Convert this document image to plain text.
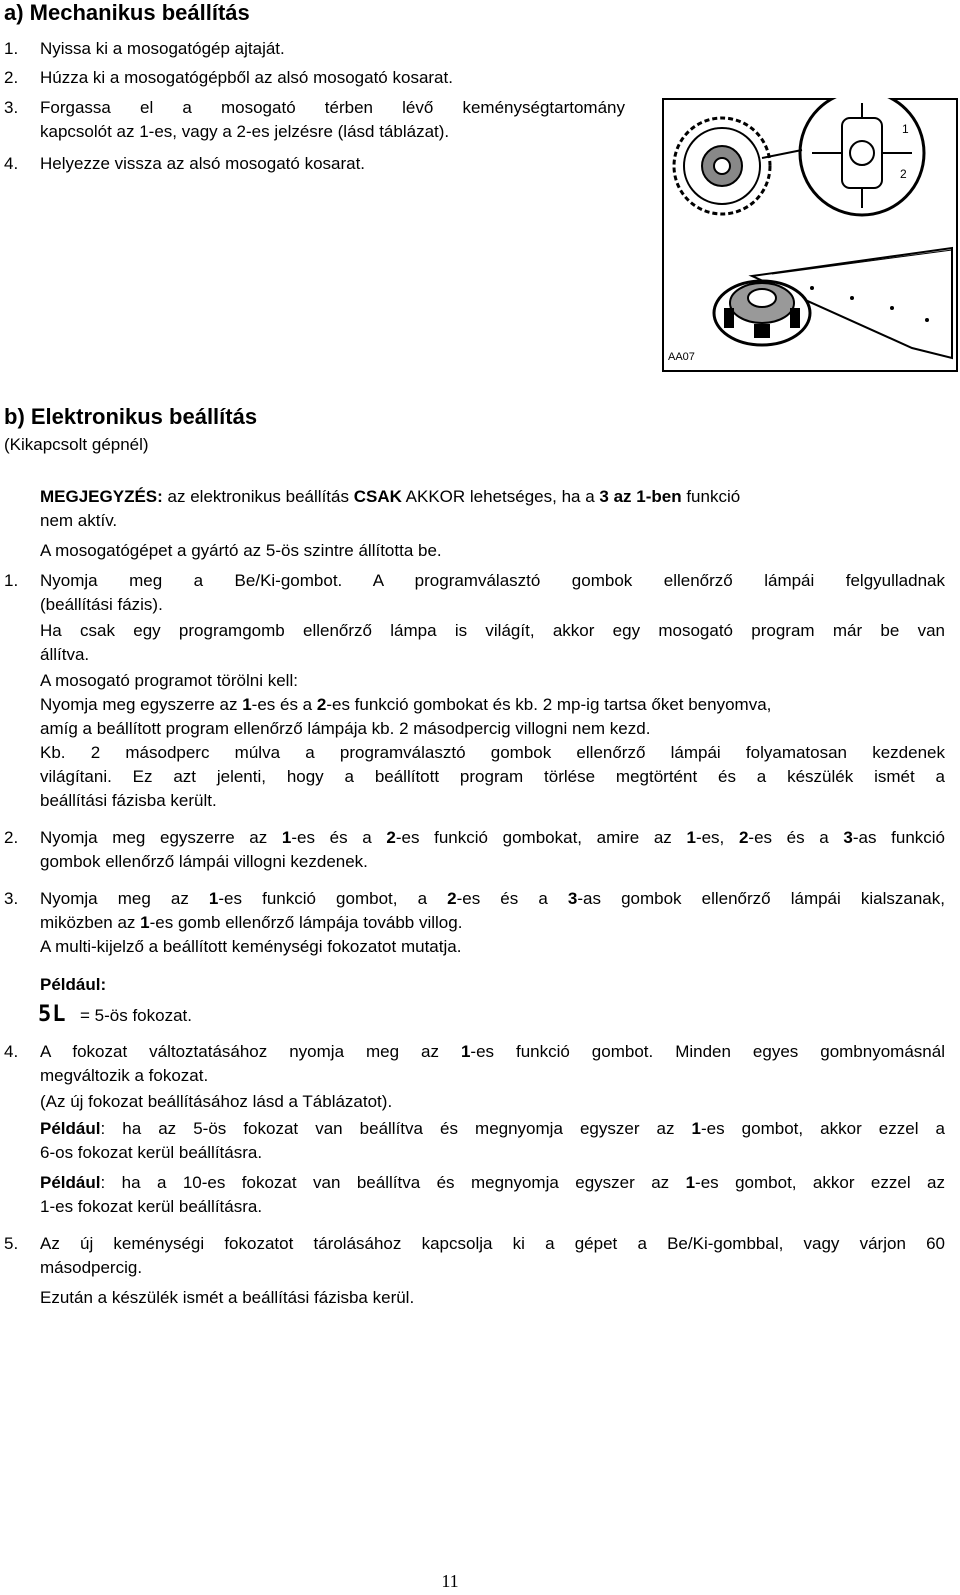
a) Mechanikus beállítás
1. Nyissa ki a mosogatógép ajtaját.
2. Húzza ki a mosogatógépből az alsó mosogató kosarat.
3. Forgassa el a mosogató térben lévő keménységtartomány
kapcsolót az 1-es, vagy a 2-es jelzésre (lásd táblázat).
4. Helyezze vissza az alsó mosogató kosarat.
1
2
AA07
b) Elektronikus beállítás
(Kikapcsolt gépnél)
MEGJEGYZÉS: az elektronikus beállítás CSAK AKKOR lehetséges, ha a 3 az 1-ben funkció
nem aktív.
A mosogatógépet a gyártó az 5-ös szintre állította be.
1. Nyomja meg a Be/Ki-gombot. A programválasztó gombok ellenőrző lámpái felgyulladnak
(beállítási fázis).
Ha csak egy programgomb ellenőrző lámpa is világít, akkor egy mosogató program már be van
állítva.
A mosogató programot törölni kell:
Nyomja meg egyszerre az 1-es és a 2-es funkció gombokat és kb. 2 mp-ig tartsa őket benyomva,
amíg a beállított program ellenőrző lámpája kb. 2 másodpercig villogni nem kezd.
Kb. 2 másodperc múlva a programválasztó gombok ellenőrző lámpái folyamatosan kezdenek
világítani. Ez azt jelenti, hogy a beállított program törlése megtörtént és a készülék ismét a
beállítási fázisba került.
2. Nyomja meg egyszerre az 1-es és a 2-es funkció gombokat, amire az 1-es, 2-es és a 3-as funkció
gombok ellenőrző lámpái villogni kezdenek.
3. Nyomja meg az 1-es funkció gombot, a 2-es és a 3-as gombok ellenőrző lámpái kialszanak,
miközben az 1-es gomb ellenőrző lámpája tovább villog.
A multi-kijelző a beállított keménységi fokozatot mutatja.
Például:
5L = 5-ös fokozat.
4. A fokozat változtatásához nyomja meg az 1-es funkció gombot. Minden egyes gombnyomásnál
megváltozik a fokozat.
(Az új fokozat beállításához lásd a Táblázatot).
Például: ha az 5-ös fokozat van beállítva és megnyomja egyszer az 1-es gombot, akkor ezzel a
6-os fokozat kerül beállításra.
Például: ha a 10-es fokozat van beállítva és megnyomja egyszer az 1-es gombot, akkor ezzel az
1-es fokozat kerül beállításra.
5. Az új keménységi fokozatot tárolásához kapcsolja ki a gépet a Be/Ki-gombbal, vagy várjon 60
másodpercig.
Ezután a készülék ismét a beállítási fázisba kerül.
11
